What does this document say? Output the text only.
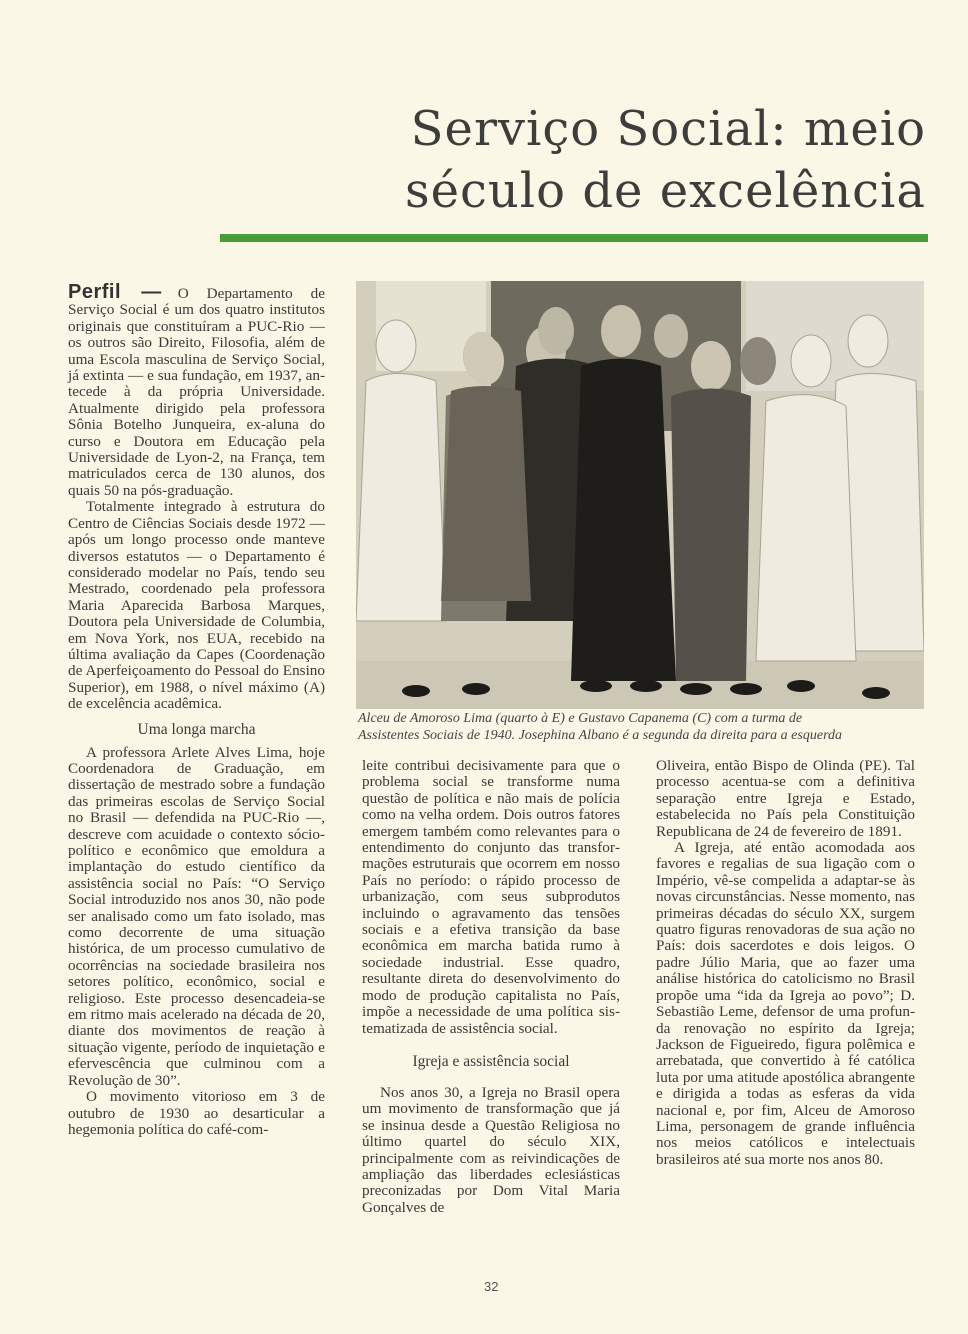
Serviço Social: meio
século de excelência

Perfil — O Departamento de Serviço Social é um dos quatro institutos originais que constituíram a PUC-Rio — os outros são Direito, Filosofia, além de uma Escola masculina de Serviço Social, já extinta — e sua fundação, em 1937, antecede à da própria Universidade. Atualmente dirigido pela professora Sônia Botelho Junqueira, ex-aluna do curso e Doutora em Educação pela Universidade de Lyon-2, na França, tem matriculados cerca de 130 alunos, dos quais 50 na pós-graduação.

Totalmente integrado à estrutura do Centro de Ciências Sociais desde 1972 — após um longo processo onde manteve diversos estatutos — o Departamento é considerado modelar no País, tendo seu Mestrado, coordenado pela professora Maria Aparecida Barbosa Marques, Doutora pela Universidade de Columbia, em Nova York, nos EUA, recebido na última avaliação da Capes (Coordenação de Aperfeiçoamento do Pessoal do Ensino Superior), em 1988, o nível máximo (A) de excelência acadêmica.

Uma longa marcha

A professora Arlete Alves Lima, hoje Coordenadora de Graduação, em dissertação de mestrado sobre a fundação das primeiras escolas de Serviço Social no Brasil — defendida na PUC-Rio —, descreve com acuidade o contexto sócio-político e econômico que emoldura a implantação do estudo científico da assistência social no País: “O Serviço Social introduzido nos anos 30, não pode ser analisado como um fato isolado, mas como decorrente de uma situação histórica, de um processo cumulativo de ocorrências na sociedade brasileira nos setores político, econômico, social e religioso. Este processo desencadeia-se em ritmo mais acelerado na década de 20, diante dos movimentos de reação à situação vigente, período de inquietação e efervescência que culminou com a Revolução de 30”.

O movimento vitorioso em 3 de outubro de 1930 ao desarticular a hegemonia política do café-com-

Alceu de Amoroso Lima (quarto à E) e Gustavo Capanema (C) com a turma de
Assistentes Sociais de 1940. Josephina Albano é a segunda da direita para a esquerda

leite contribui decisivamente para que o problema social se transforme numa questão de política e não mais de polícia como na velha ordem. Dois outros fatores emergem também como relevantes para o entendimento do conjunto das transformações estruturais que ocorrem em nosso País no período: o rápido processo de urbanização, com seus subprodutos incluindo o agravamento das tensões sociais e a efetiva transição da base econômica em marcha batida rumo à sociedade industrial. Esse quadro, resultante direta do desenvolvimento do modo de produção capitalista no País, impõe a necessidade de uma política sistematizada de assistência social.

Igreja e assistência social

Nos anos 30, a Igreja no Brasil opera um movimento de transformação que já se insinua desde a Questão Religiosa no último quartel do século XIX, principalmente com as reivindicações de ampliação das liberdades eclesiásticas preconizadas por Dom Vital Maria Gonçalves de

Oliveira, então Bispo de Olinda (PE). Tal processo acentua-se com a definitiva separação entre Igreja e Estado, estabelecida no País pela Constituição Republicana de 24 de fevereiro de 1891.

A Igreja, até então acomodada aos favores e regalias de sua ligação com o Império, vê-se compelida a adaptar-se às novas circunstâncias. Nesse momento, nas primeiras décadas do século XX, surgem quatro figuras renovadoras de sua ação no País: dois sacerdotes e dois leigos. O padre Júlio Maria, que ao fazer uma análise histórica do catolicismo no Brasil propõe uma “ida da Igreja ao povo”; D. Sebastião Leme, defensor de uma profunda renovação no espírito da Igreja; Jackson de Figueiredo, figura polêmica e arrebatada, que convertido à fé católica luta por uma atitude apostólica abrangente e dirigida a todas as esferas da vida nacional e, por fim, Alceu de Amoroso Lima, personagem de grande influência nos meios católicos e intelectuais brasileiros até sua morte nos anos 80.

32
